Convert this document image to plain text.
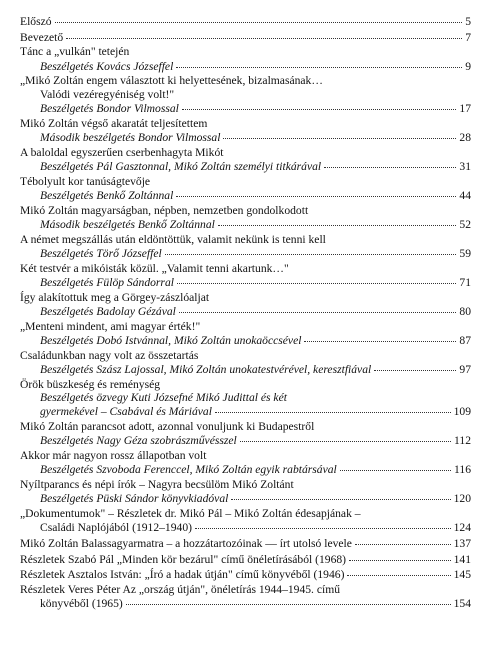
Előszó	5
Bevezető	7
Tánc a „vulkán" tetején
Beszélgetés Kovács Józseffel	9
„Mikó Zoltán engem választott ki helyettesének, bizalmasának…
Valódi vezéregyéniség volt!"
Beszélgetés Bondor Vilmossal	17
Mikó Zoltán végső akaratát teljesítettem
Második beszélgetés Bondor Vilmossal	28
A baloldal egyszerűen cserbenhagyta Mikót
Beszélgetés Pál Gasztonnal, Mikó Zoltán személyi titkárával	31
Tébolyult kor tanúságtevője
Beszélgetés Benkő Zoltánnal	44
Mikó Zoltán magyarságban, népben, nemzetben gondolkodott
Második beszélgetés Benkő Zoltánnal	52
A német megszállás után eldöntöttük, valamit nekünk is tenni kell
Beszélgetés Törő Józseffel	59
Két testvér a mikóisták közül. „Valamit tenni akartunk…"
Beszélgetés Fülöp Sándorral	71
Így alakítottuk meg a Görgey-zászlóaljat
Beszélgetés Badolay Gézával	80
„Menteni mindent, ami magyar érték!"
Beszélgetés Dobó Istvánnal, Mikó Zoltán unokaöccsével	87
Családunkban nagy volt az összetartás
Beszélgetés Szász Lajossal, Mikó Zoltán unokatestvérével, keresztfiával	97
Örök büszkeség és reménység
Beszélgetés özvegy Kuti Józsefné Mikó Judittal és két
gyermekével – Csabával és Máriával	109
Mikó Zoltán parancsot adott, azonnal vonuljunk ki Budapestről
Beszélgetés Nagy Géza szobrászművésszel	112
Akkor már nagyon rossz állapotban volt
Beszélgetés Szvoboda Ferenccel, Mikó Zoltán egyik rabtársával	116
Nyíltparancs és népi írók – Nagyra becsülöm Mikó Zoltánt
Beszélgetés Püski Sándor könyvkiadóval	120
„Dokumentumok" – Részletek dr. Mikó Pál – Mikó Zoltán édesapjának –
Családi Naplójából (1912–1940)	124
Mikó Zoltán Balassagyarmatra – a hozzátartozóinak — írt utolsó levele	137
Részletek Szabó Pál „Minden kör bezárul" című önéletírásából (1968)	141
Részletek Asztalos István: „Író a hadak útján" című könyvéből (1946)	145
Részletek Veres Péter Az „ország útján", önéletírás 1944–1945. című
könyvéből (1965)	154
